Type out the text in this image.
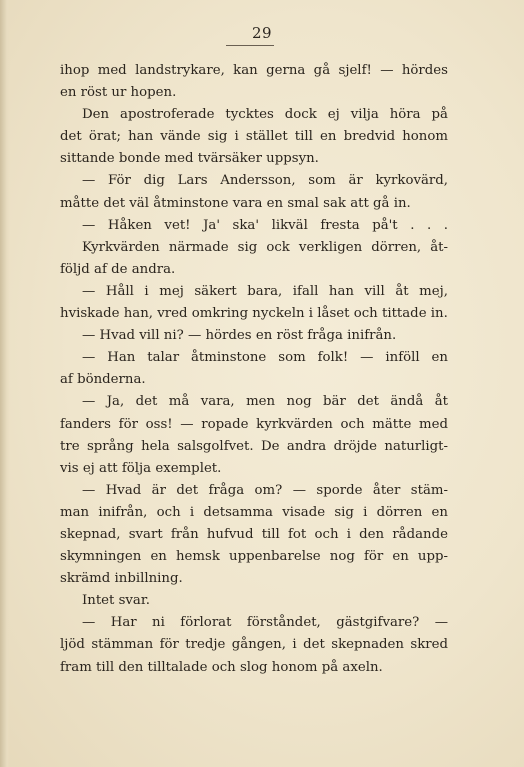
29
ihop med landstrykare, kan gerna gå sjelf! — hördes
en röst ur hopen.
Den apostroferade tycktes dock ej vilja höra på
det örat; han vände sig i stället till en bredvid honom
sittande bonde med tvärsäker uppsyn.
— För dig Lars Andersson, som är kyrkovärd,
måtte det väl åtminstone vara en smal sak att gå in.
— Håken vet! Ja' ska' likväl fresta på't . . .
Kyrkvärden närmade sig ock verkligen dörren, åt-
följd af de andra.
— Håll i mej säkert bara, ifall han vill åt mej,
hviskade han, vred omkring nyckeln i låset och tittade in.
— Hvad vill ni? — hördes en röst fråga inifrån.
— Han talar åtminstone som folk! — inföll en
af bönderna.
— Ja, det må vara, men nog bär det ändå åt
fanders för oss! — ropade kyrkvärden och mätte med
tre språng hela salsgolfvet. De andra dröjde naturligt-
vis ej att följa exemplet.
— Hvad är det fråga om? — sporde åter stäm-
man inifrån, och i detsamma visade sig i dörren en
skepnad, svart från hufvud till fot och i den rådande
skymningen en hemsk uppenbarelse nog för en upp-
skrämd inbillning.
Intet svar.
— Har ni förlorat förståndet, gästgifvare? —
ljöd stämman för tredje gången, i det skepnaden skred
fram till den tilltalade och slog honom på axeln.
